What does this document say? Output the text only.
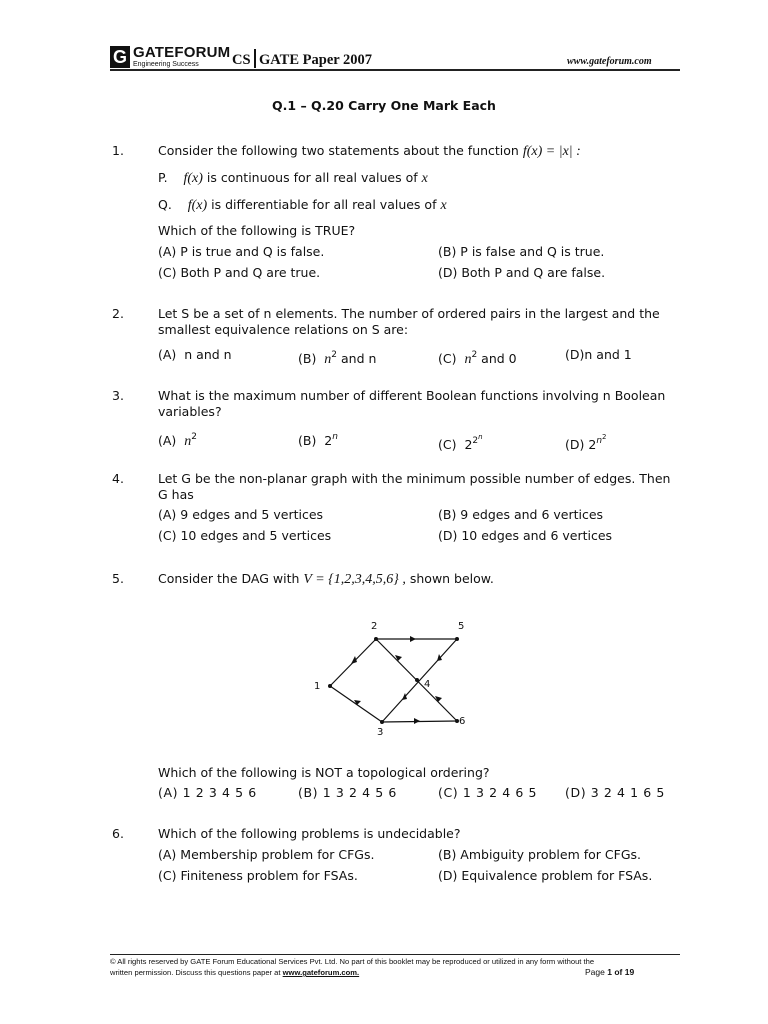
G GATEFORUM
Engineering Success CS GATE Paper 2007	www.gateforum.com
Q.1 – Q.20 Carry One Mark Each
1.	Consider the following two statements about the function f(x) = |x| :
P. f(x) is continuous for all real values of x
Q. f(x) is differentiable for all real values of x
Which of the following is TRUE?
(A) P is true and Q is false.	(B) P is false and Q is true.
(C) Both P and Q are true.	(D) Both P and Q are false.
2.	Let S be a set of n elements. The number of ordered pairs in the largest and the
smallest equivalence relations on S are:
(A) n and n	(B) $n^2$ and n	(C) $n^2$ and 0	(D)n and 1
3.	What is the maximum number of different Boolean functions involving n Boolean
variables?
(A) $n^2$	(B) 2$^n$	(C) $2^{2n}$	(D) $2^{n2}$
4.	Let G be the non-planar graph with the minimum possible number of edges. Then
G has
(A) 9 edges and 5 vertices	(B) 9 edges and 6 vertices
(C) 10 edges and 5 vertices	(D) 10 edges and 6 vertices
5.	Consider the DAG with V = {1,2,3,4,5,6} , shown below.
1
2
3
4
5
6
Which of the following is NOT a topological ordering?
(A) 1 2 3 4 5 6	(B) 1 3 2 4 5 6	(C) 1 3 2 4 6 5 (D) 3 2 4 1 6 5
6.	Which of the following problems is undecidable?
(A) Membership problem for CFGs.	(B) Ambiguity problem for CFGs.
(C) Finiteness problem for FSAs.	(D) Equivalence problem for FSAs.
© All rights reserved by GATE Forum Educational Services Pvt. Ltd. No part of this booklet may be reproduced or utilized in any form without the
written permission. Discuss this questions paper at www.gateforum.com.	Page 1 of 19
